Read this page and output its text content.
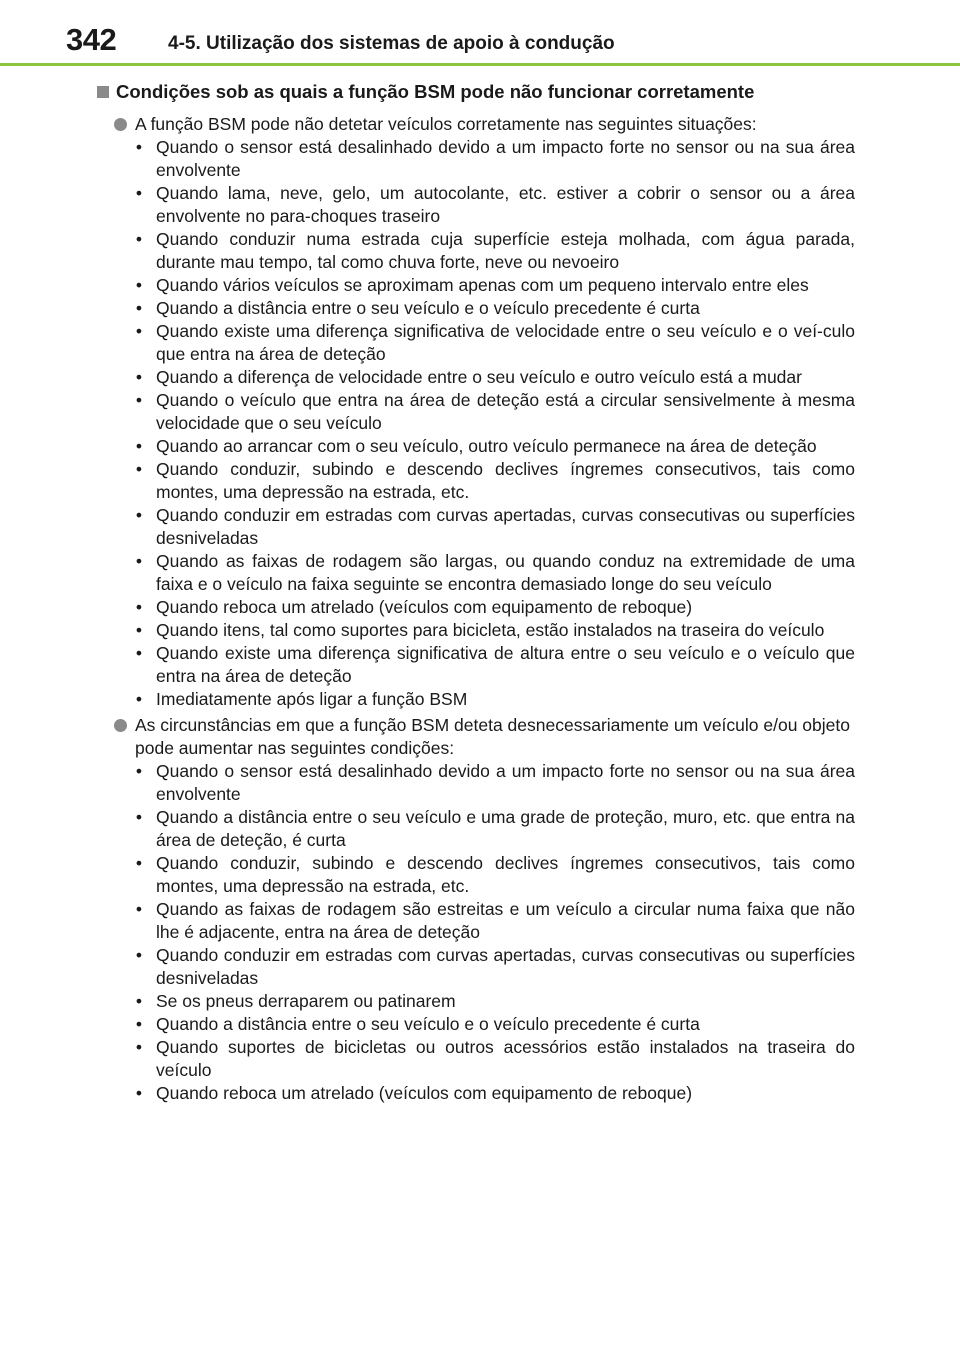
342	4-5. Utilização dos sistemas de apoio à condução
Condições sob as quais a função BSM pode não funcionar corretamente
A função BSM pode não detetar veículos corretamente nas seguintes situações:
• Quando o sensor está desalinhado devido a um impacto forte no sensor ou na sua área envolvente
• Quando lama, neve, gelo, um autocolante, etc. estiver a cobrir o sensor ou a área envolvente no para-choques traseiro
• Quando conduzir numa estrada cuja superfície esteja molhada, com água parada, durante mau tempo, tal como chuva forte, neve ou nevoeiro
• Quando vários veículos se aproximam apenas com um pequeno intervalo entre eles
• Quando a distância entre o seu veículo e o veículo precedente é curta
• Quando existe uma diferença significativa de velocidade entre o seu veículo e o veí-culo que entra na área de deteção
• Quando a diferença de velocidade entre o seu veículo e outro veículo está a mudar
• Quando o veículo que entra na área de deteção está a circular sensivelmente à mesma velocidade que o seu veículo
• Quando ao arrancar com o seu veículo, outro veículo permanece na área de deteção
• Quando conduzir, subindo e descendo declives íngremes consecutivos, tais como montes, uma depressão na estrada, etc.
• Quando conduzir em estradas com curvas apertadas, curvas consecutivas ou superfícies desniveladas
• Quando as faixas de rodagem são largas, ou quando conduz na extremidade de uma faixa e o veículo na faixa seguinte se encontra demasiado longe do seu veículo
• Quando reboca um atrelado (veículos com equipamento de reboque)
• Quando itens, tal como suportes para bicicleta, estão instalados na traseira do veículo
• Quando existe uma diferença significativa de altura entre o seu veículo e o veículo que entra na área de deteção
• Imediatamente após ligar a função BSM
As circunstâncias em que a função BSM deteta desnecessariamente um veículo e/ou objeto pode aumentar nas seguintes condições:
• Quando o sensor está desalinhado devido a um impacto forte no sensor ou na sua área envolvente
• Quando a distância entre o seu veículo e uma grade de proteção, muro, etc. que entra na área de deteção, é curta
• Quando conduzir, subindo e descendo declives íngremes consecutivos, tais como montes, uma depressão na estrada, etc.
• Quando as faixas de rodagem são estreitas e um veículo a circular numa faixa que não lhe é adjacente, entra na área de deteção
• Quando conduzir em estradas com curvas apertadas, curvas consecutivas ou superfícies desniveladas
• Se os pneus derraparem ou patinarem
• Quando a distância entre o seu veículo e o veículo precedente é curta
• Quando suportes de bicicletas ou outros acessórios estão instalados na traseira do veículo
• Quando reboca um atrelado (veículos com equipamento de reboque)
